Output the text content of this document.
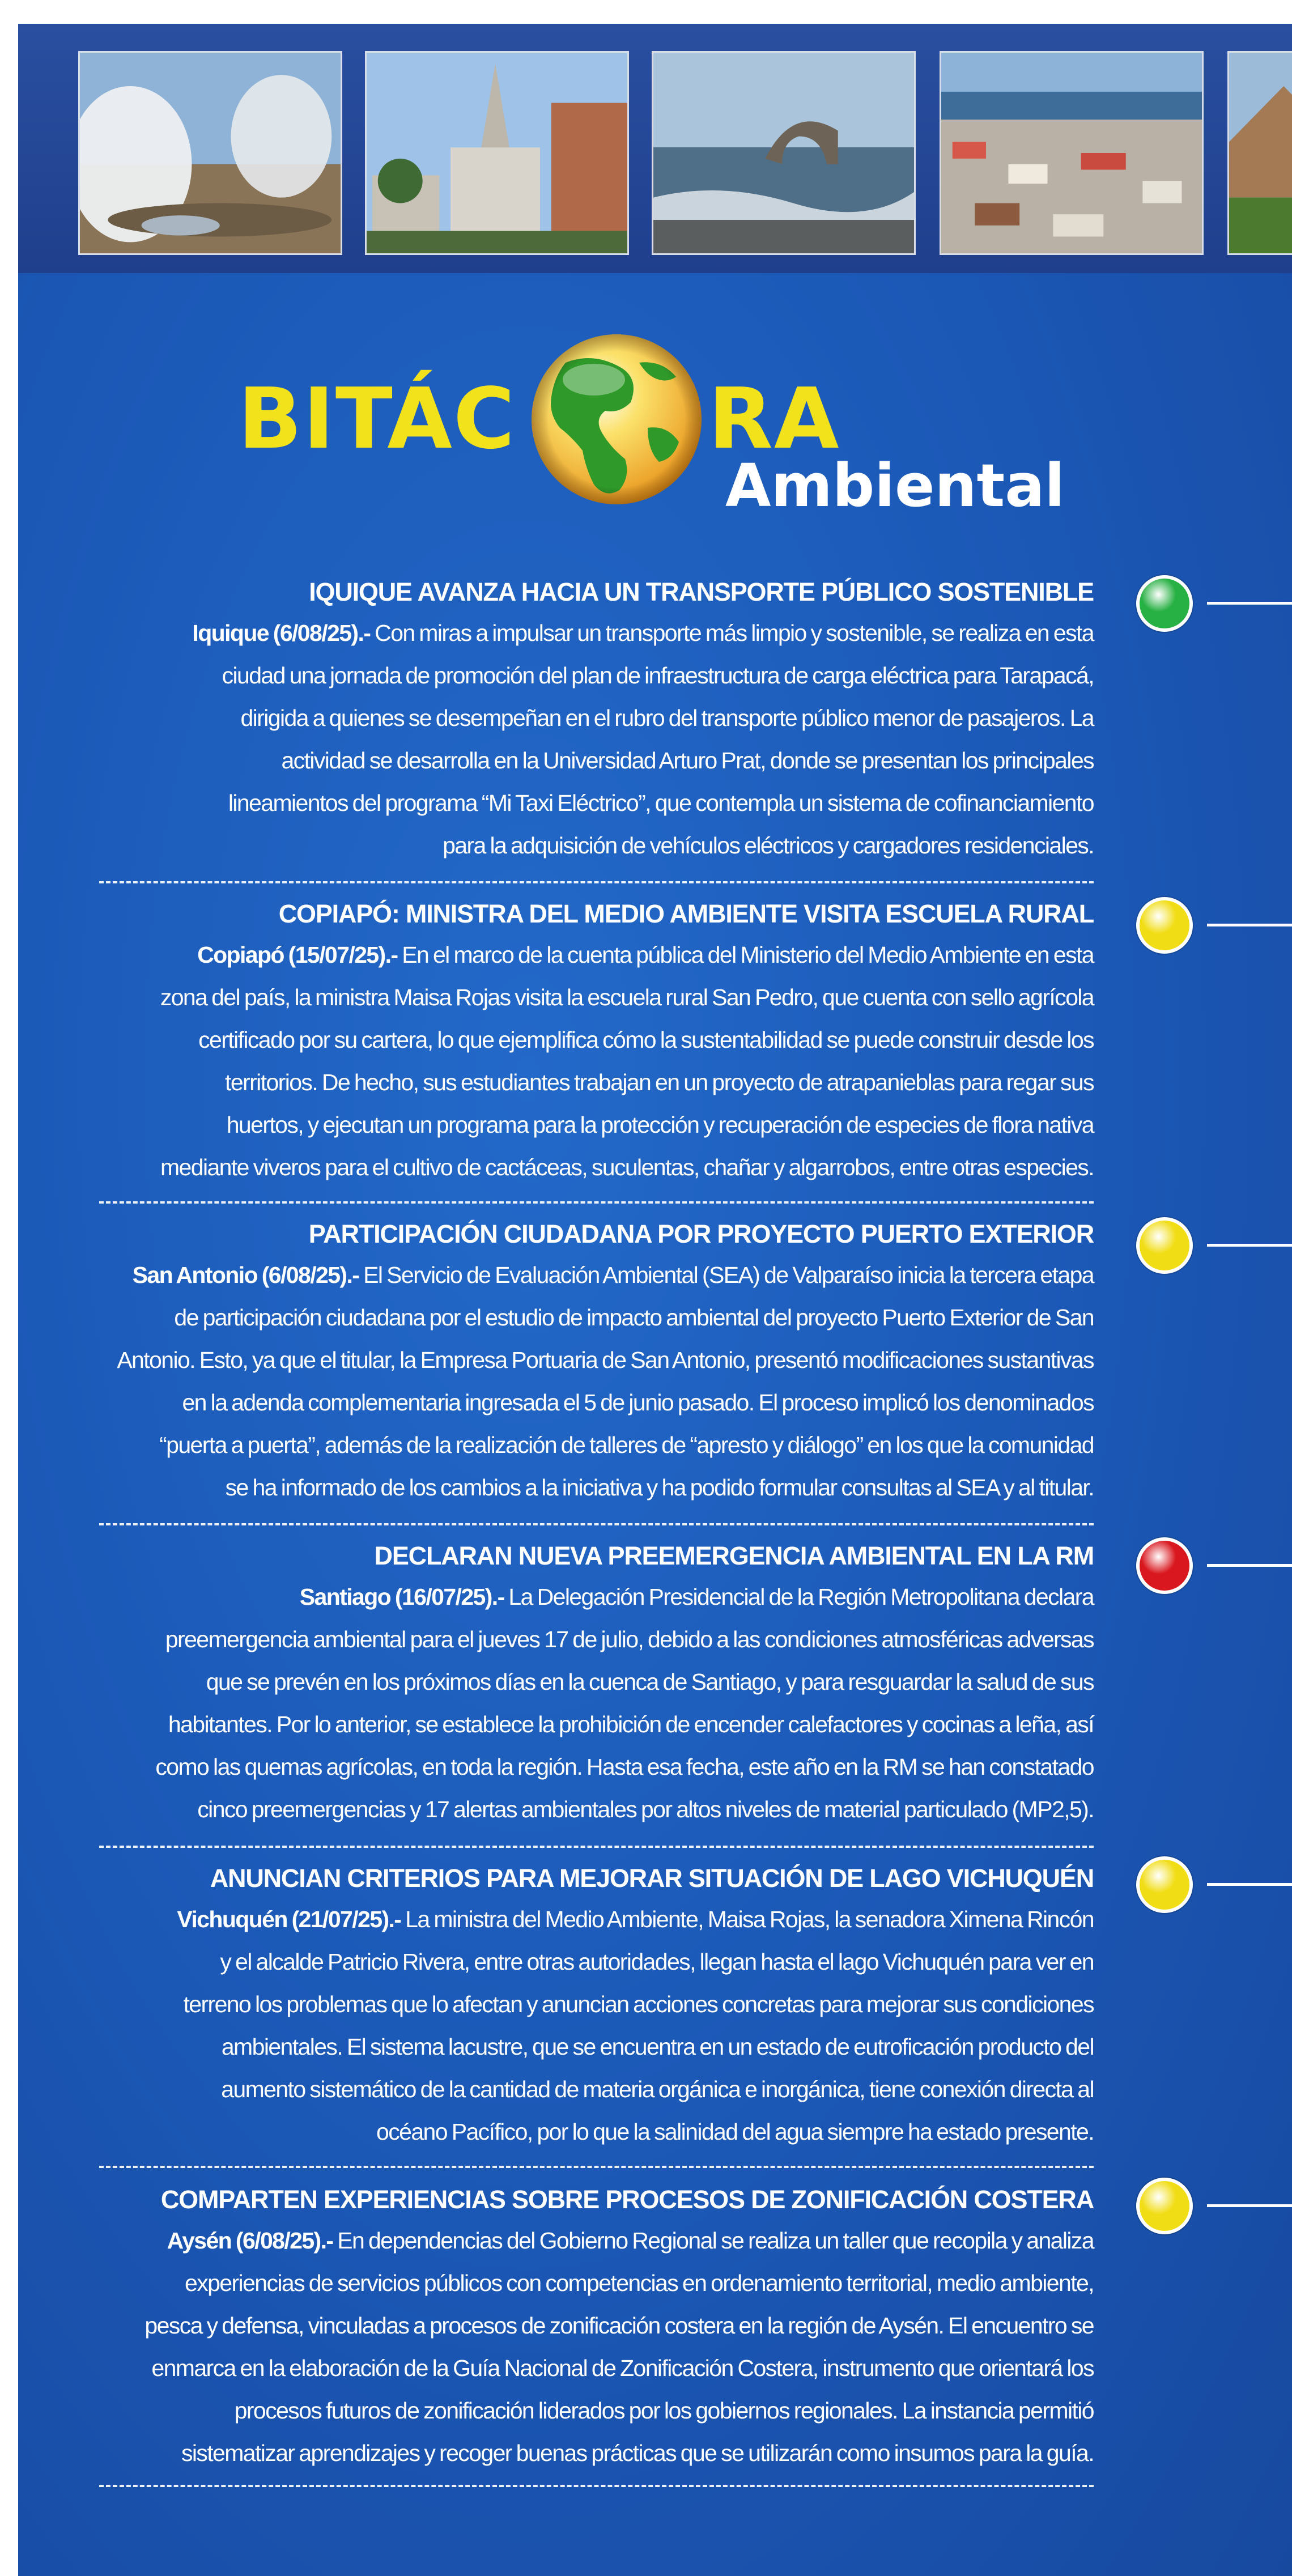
BITÁC RA
Ambiental
IQUIQUE AVANZA HACIA UN TRANSPORTE PÚBLICO SOSTENIBLE
Iquique (6/08/25).- Con miras a impulsar un transporte más limpio y sostenible, se realiza en esta
ciudad una jornada de promoción del plan de infraestructura de carga eléctrica para Tarapacá,
dirigida a quienes se desempeñan en el rubro del transporte público menor de pasajeros. La
actividad se desarrolla en la Universidad Arturo Prat, donde se presentan los principales
lineamientos del programa “Mi Taxi Eléctrico”, que contempla un sistema de cofinanciamiento
para la adquisición de vehículos eléctricos y cargadores residenciales.
COPIAPÓ: MINISTRA DEL MEDIO AMBIENTE VISITA ESCUELA RURAL
Copiapó (15/07/25).- En el marco de la cuenta pública del Ministerio del Medio Ambiente en esta
zona del país, la ministra Maisa Rojas visita la escuela rural San Pedro, que cuenta con sello agrícola
certificado por su cartera, lo que ejemplifica cómo la sustentabilidad se puede construir desde los
territorios. De hecho, sus estudiantes trabajan en un proyecto de atrapanieblas para regar sus
huertos, y ejecutan un programa para la protección y recuperación de especies de flora nativa
mediante viveros para el cultivo de cactáceas, suculentas, chañar y algarrobos, entre otras especies.
PARTICIPACIÓN CIUDADANA POR PROYECTO PUERTO EXTERIOR
San Antonio (6/08/25).- El Servicio de Evaluación Ambiental (SEA) de Valparaíso inicia la tercera etapa
de participación ciudadana por el estudio de impacto ambiental del proyecto Puerto Exterior de San
Antonio. Esto, ya que el titular, la Empresa Portuaria de San Antonio, presentó modificaciones sustantivas
en la adenda complementaria ingresada el 5 de junio pasado. El proceso implicó los denominados
“puerta a puerta”, además de la realización de talleres de “apresto y diálogo” en los que la comunidad
se ha informado de los cambios a la iniciativa y ha podido formular consultas al SEA y al titular.
DECLARAN NUEVA PREEMERGENCIA AMBIENTAL EN LA RM
Santiago (16/07/25).- La Delegación Presidencial de la Región Metropolitana declara
preemergencia ambiental para el jueves 17 de julio, debido a las condiciones atmosféricas adversas
que se prevén en los próximos días en la cuenca de Santiago, y para resguardar la salud de sus
habitantes. Por lo anterior, se establece la prohibición de encender calefactores y cocinas a leña, así
como las quemas agrícolas, en toda la región. Hasta esa fecha, este año en la RM se han constatado
cinco preemergencias y 17 alertas ambientales por altos niveles de material particulado (MP2,5).
ANUNCIAN CRITERIOS PARA MEJORAR SITUACIÓN DE LAGO VICHUQUÉN
Vichuquén (21/07/25).- La ministra del Medio Ambiente, Maisa Rojas, la senadora Ximena Rincón
y el alcalde Patricio Rivera, entre otras autoridades, llegan hasta el lago Vichuquén para ver en
terreno los problemas que lo afectan y anuncian acciones concretas para mejorar sus condiciones
ambientales. El sistema lacustre, que se encuentra en un estado de eutroficación producto del
aumento sistemático de la cantidad de materia orgánica e inorgánica, tiene conexión directa al
océano Pacífico, por lo que la salinidad del agua siempre ha estado presente.
COMPARTEN EXPERIENCIAS SOBRE PROCESOS DE ZONIFICACIÓN COSTERA
Aysén (6/08/25).- En dependencias del Gobierno Regional se realiza un taller que recopila y analiza
experiencias de servicios públicos con competencias en ordenamiento territorial, medio ambiente,
pesca y defensa, vinculadas a procesos de zonificación costera en la región de Aysén. El encuentro se
enmarca en la elaboración de la Guía Nacional de Zonificación Costera, instrumento que orientará los
procesos futuros de zonificación liderados por los gobiernos regionales. La instancia permitió
sistematizar aprendizajes y recoger buenas prácticas que se utilizarán como insumos para la guía.
